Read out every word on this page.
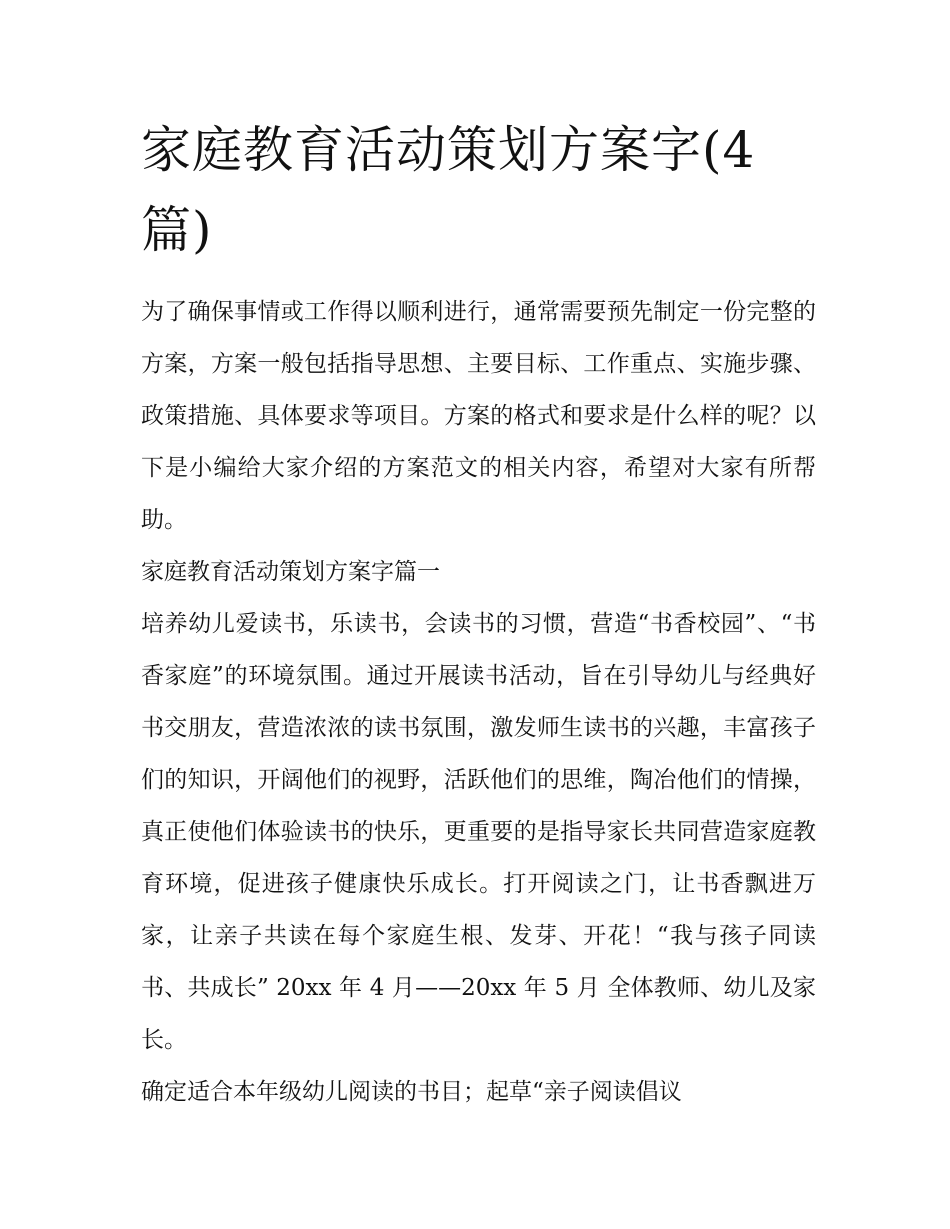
家庭教育活动策划方案字(4篇)

为了确保事情或工作得以顺利进行，通常需要预先制定一份完整的方案，方案一般包括指导思想、主要目标、工作重点、实施步骤、政策措施、具体要求等项目。方案的格式和要求是什么样的呢？以下是小编给大家介绍的方案范文的相关内容，希望对大家有所帮助。

家庭教育活动策划方案字篇一

培养幼儿爱读书，乐读书，会读书的习惯，营造“书香校园”、“书香家庭”的环境氛围。通过开展读书活动，旨在引导幼儿与经典好书交朋友，营造浓浓的读书氛围，激发师生读书的兴趣，丰富孩子们的知识，开阔他们的视野，活跃他们的思维，陶冶他们的情操，真正使他们体验读书的快乐，更重要的是指导家长共同营造家庭教育环境，促进孩子健康快乐成长。打开阅读之门，让书香飘进万家，让亲子共读在每个家庭生根、发芽、开花！“我与孩子同读书、共成长” 20xx 年 4 月——20xx 年 5 月 全体教师、幼儿及家长。

确定适合本年级幼儿阅读的书目；起草“亲子阅读倡议
